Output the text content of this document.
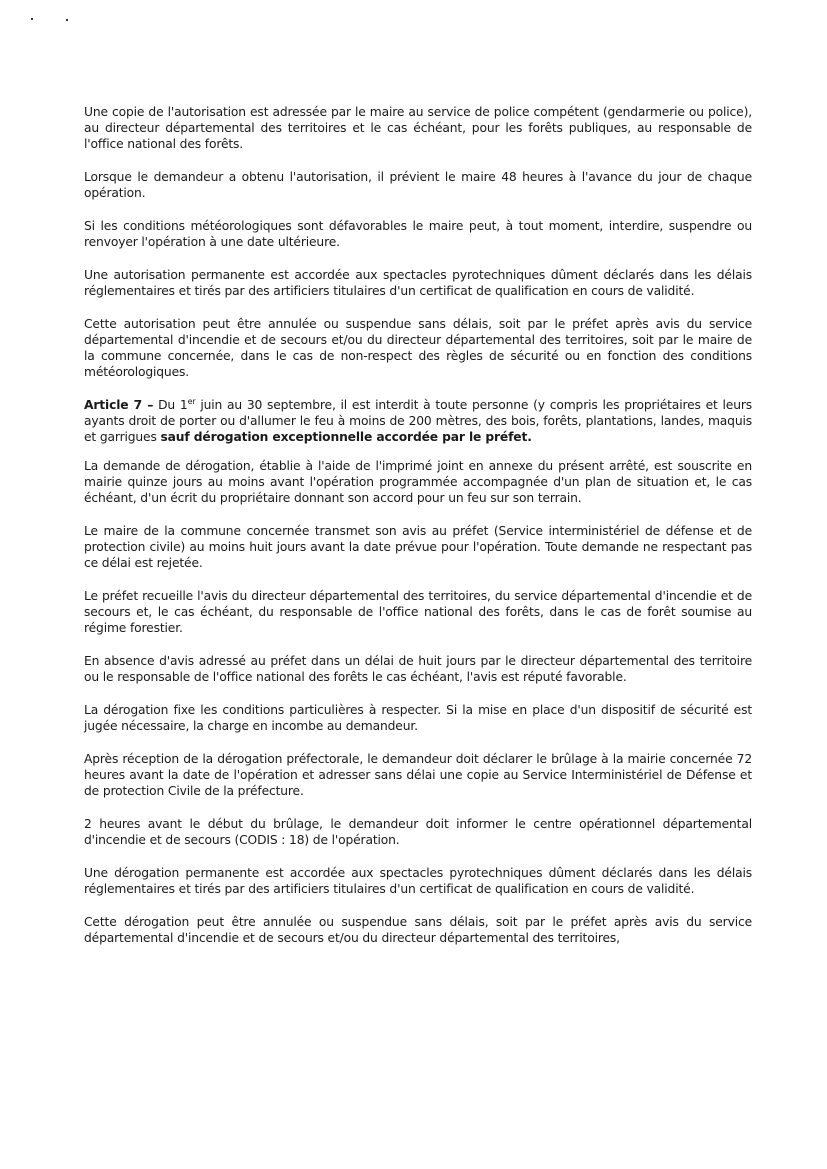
Une copie de l'autorisation est adressée par le maire au service de police compétent (gendarmerie ou police), au directeur départemental des territoires et le cas échéant, pour les forêts publiques, au responsable de l'office national des forêts.

Lorsque le demandeur a obtenu l'autorisation, il prévient le maire 48 heures à l'avance du jour de chaque opération.

Si les conditions météorologiques sont défavorables le maire peut, à tout moment, interdire, suspendre ou renvoyer l'opération à une date ultérieure.

Une autorisation permanente est accordée aux spectacles pyrotechniques dûment déclarés dans les délais réglementaires et tirés par des artificiers titulaires d'un certificat de qualification en cours de validité.

Cette autorisation peut être annulée ou suspendue sans délais, soit par le préfet après avis du service départemental d'incendie et de secours et/ou du directeur départemental des territoires, soit par le maire de la commune concernée, dans le cas de non-respect des règles de sécurité ou en fonction des conditions météorologiques.

Article 7 – Du 1er juin au 30 septembre, il est interdit à toute personne (y compris les propriétaires et leurs ayants droit de porter ou d'allumer le feu à moins de 200 mètres, des bois, forêts, plantations, landes, maquis et garrigues sauf dérogation exceptionnelle accordée par le préfet.

La demande de dérogation, établie à l'aide de l'imprimé joint en annexe du présent arrêté, est souscrite en mairie quinze jours au moins avant l'opération programmée accompagnée d'un plan de situation et, le cas échéant, d'un écrit du propriétaire donnant son accord pour un feu sur son terrain.

Le maire de la commune concernée transmet son avis au préfet (Service interministériel de défense et de protection civile) au moins huit jours avant la date prévue pour l'opération. Toute demande ne respectant pas ce délai est rejetée.

Le préfet recueille l'avis du directeur départemental des territoires, du service départemental d'incendie et de secours et, le cas échéant, du responsable de l'office national des forêts, dans le cas de forêt soumise au régime forestier.

En absence d'avis adressé au préfet dans un délai de huit jours par le directeur départemental des territoire ou le responsable de l'office national des forêts le cas échéant, l'avis est réputé favorable.

La dérogation fixe les conditions particulières à respecter. Si la mise en place d'un dispositif de sécurité est jugée nécessaire, la charge en incombe au demandeur.

Après réception de la dérogation préfectorale, le demandeur doit déclarer le brûlage à la mairie concernée 72 heures avant la date de l'opération et adresser sans délai une copie au Service Interministériel de Défense et de protection Civile de la préfecture.

2 heures avant le début du brûlage, le demandeur doit informer le centre opérationnel départemental d'incendie et de secours (CODIS : 18) de l'opération.

Une dérogation permanente est accordée aux spectacles pyrotechniques dûment déclarés dans les délais réglementaires et tirés par des artificiers titulaires d'un certificat de qualification en cours de validité.

Cette dérogation peut être annulée ou suspendue sans délais, soit par le préfet après avis du service départemental d'incendie et de secours et/ou du directeur départemental des territoires,
